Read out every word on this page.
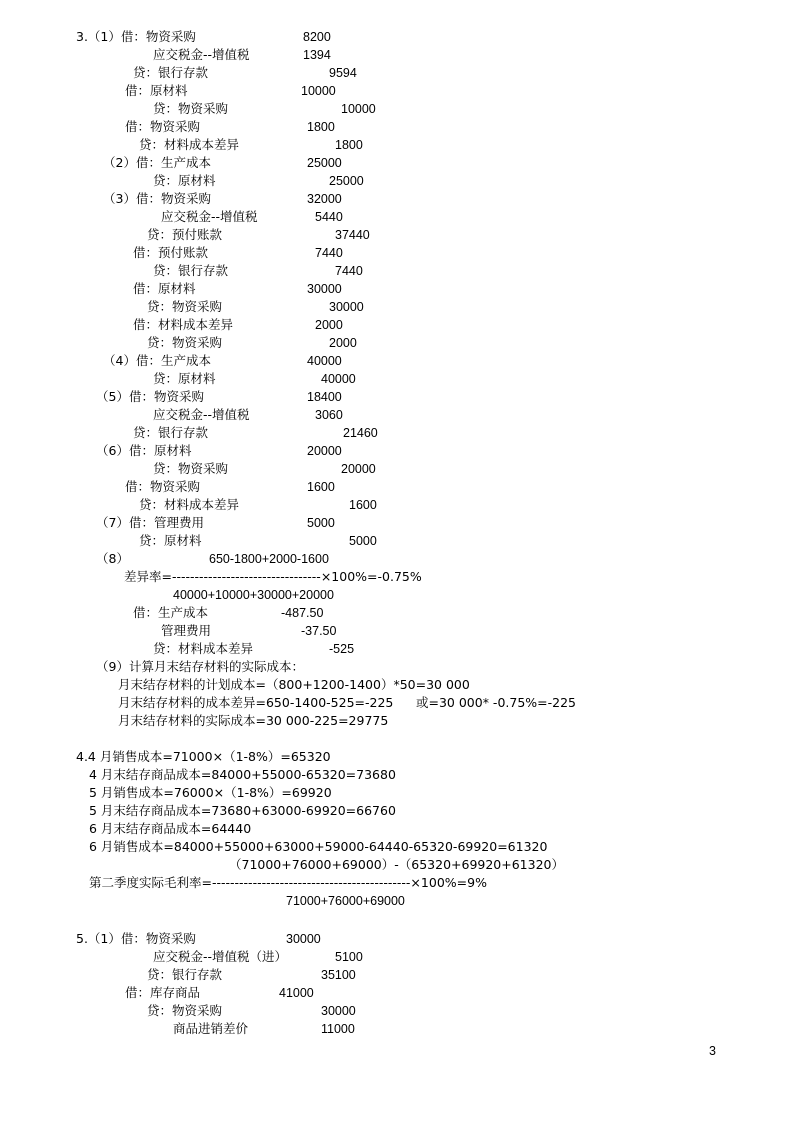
3.（1）借：物资采购	8200
应交税金--增值税	1394
贷：银行存款	9594
借：原材料	10000
贷：物资采购	10000
借：物资采购	1800
贷：材料成本差异	1800
（2）借：生产成本	25000
贷：原材料	25000
（3）借：物资采购	32000
应交税金--增值税	5440
贷：预付账款	37440
借：预付账款	7440
贷：银行存款	7440
借：原材料	30000
贷：物资采购	30000
借：材料成本差异	2000
贷：物资采购	2000
（4）借：生产成本	40000
贷：原材料	40000
（5）借：物资采购	18400
应交税金--增值税	3060
贷：银行存款	21460
（6）借：原材料	20000
贷：物资采购	20000
借：物资采购	1600
贷：材料成本差异	1600
（7）借：管理费用	5000
贷：原材料	5000
（8）	650-1800+2000-1600
差异率=---------------------------------×100%=-0.75%
40000+10000+30000+20000
借：生产成本	-487.50
管理费用	-37.50
贷：材料成本差异	-525
（9）计算月末结存材料的实际成本：
月末结存材料的计划成本=（800+1200-1400）*50=30 000
月末结存材料的成本差异=650-1400-525=-225 或=30 000* -0.75%=-225
月末结存材料的实际成本=30 000-225=29775
4.4 月销售成本=71000×（1-8%）=65320
4 月末结存商品成本=84000+55000-65320=73680
5 月销售成本=76000×（1-8%）=69920
5 月末结存商品成本=73680+63000-69920=66760
6 月末结存商品成本=64440
6 月销售成本=84000+55000+63000+59000-64440-65320-69920=61320
（71000+76000+69000）-（65320+69920+61320）
第二季度实际毛利率=--------------------------------------------×100%=9%
71000+76000+69000
5.（1）借：物资采购	30000
应交税金--增值税（进）	5100
贷：银行存款	35100
借：库存商品	41000
贷：物资采购	30000
商品进销差价	11000
3
